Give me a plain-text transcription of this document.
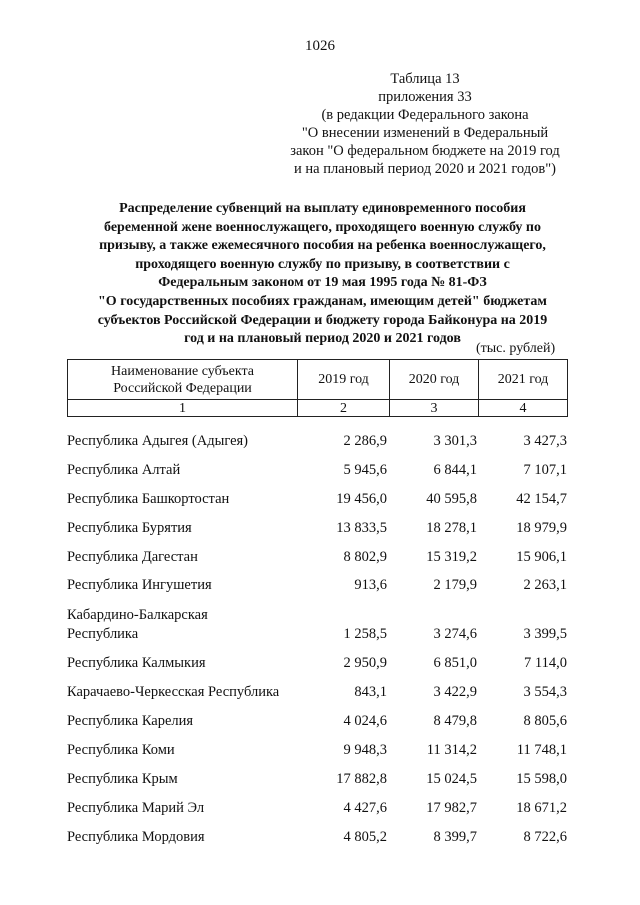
1026
Таблица 13
приложения 33
(в редакции Федерального закона
"О внесении изменений в Федеральный
закон "О федеральном бюджете на 2019 год
и на плановый период 2020 и 2021 годов")
Распределение субвенций на выплату единовременного пособия
беременной жене военнослужащего, проходящего военную службу по
призыву, а также ежемесячного пособия на ребенка военнослужащего,
проходящего военную службу по призыву, в соответствии с
Федеральным законом от 19 мая 1995 года № 81-ФЗ
"О государственных пособиях гражданам, имеющим детей" бюджетам
субъектов Российской Федерации и бюджету города Байконура на 2019
год и на плановый период 2020 и 2021 годов
(тыс. рублей)
Наименование субъекта
Российской Федерации	2019 год	2020 год	2021 год
1	2	3	4
Республика Адыгея (Адыгея)	2 286,9	3 301,3	3 427,3
Республика Алтай	5 945,6	6 844,1	7 107,1
Республика Башкортостан	19 456,0	40 595,8	42 154,7
Республика Бурятия	13 833,5	18 278,1	18 979,9
Республика Дагестан	8 802,9	15 319,2	15 906,1
Республика Ингушетия	913,6	2 179,9	2 263,1
Кабардино-Балкарская
Республика	1 258,5	3 274,6	3 399,5
Республика Калмыкия	2 950,9	6 851,0	7 114,0
Карачаево-Черкесская Республика	843,1	3 422,9	3 554,3
Республика Карелия	4 024,6	8 479,8	8 805,6
Республика Коми	9 948,3	11 314,2	11 748,1
Республика Крым	17 882,8	15 024,5	15 598,0
Республика Марий Эл	4 427,6	17 982,7	18 671,2
Республика Мордовия	4 805,2	8 399,7	8 722,6
